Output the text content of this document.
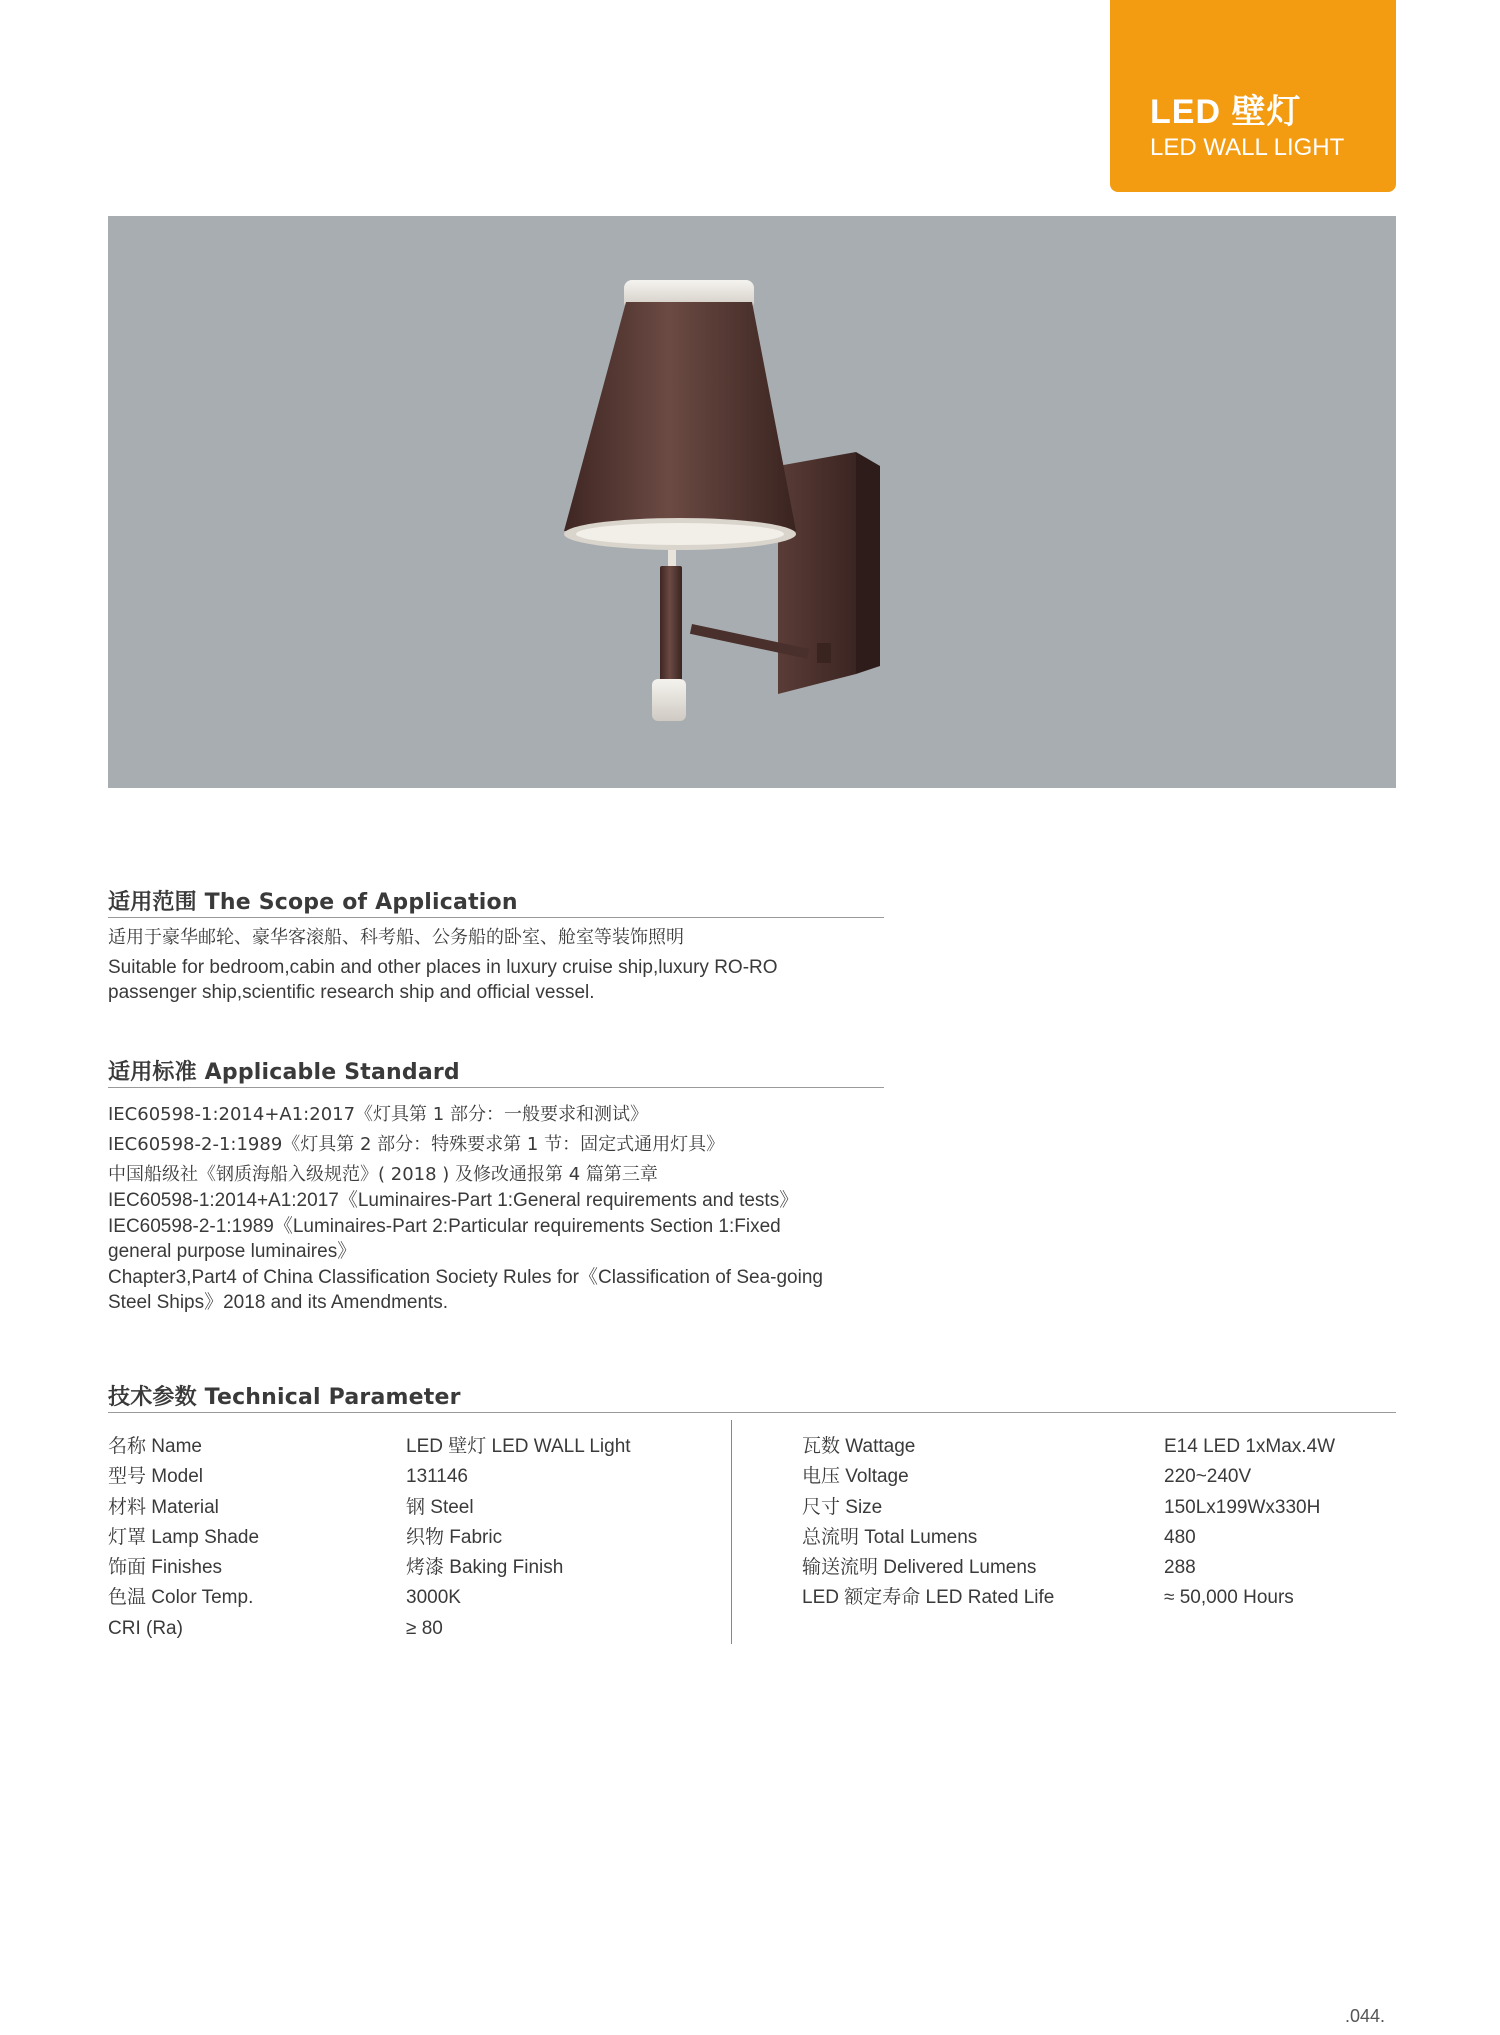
LED 壁灯
LED WALL LIGHT
适用范围 The Scope of Application
适用于豪华邮轮、豪华客滚船、科考船、公务船的卧室、舱室等装饰照明
Suitable for bedroom,cabin and other places in luxury cruise ship,luxury RO-RO
passenger ship,scientific research ship and official vessel.
适用标准 Applicable Standard
IEC60598-1:2014+A1:2017《灯具第 1 部分：一般要求和测试》
IEC60598-2-1:1989《灯具第 2 部分：特殊要求第 1 节：固定式通用灯具》
中国船级社《钢质海船入级规范》( 2018 ) 及修改通报第 4 篇第三章
IEC60598-1:2014+A1:2017《Luminaires-Part 1:General requirements and tests》
IEC60598-2-1:1989《Luminaires-Part 2:Particular requirements Section 1:Fixed
general purpose luminaires》
Chapter3,Part4 of China Classification Society Rules for《Classification of Sea-going
Steel Ships》2018 and its Amendments.
技术参数 Technical Parameter
名称 Name	LED 壁灯 LED WALL Light
型号 Model	131146
材料 Material	钢 Steel
灯罩 Lamp Shade	织物 Fabric
饰面 Finishes	烤漆 Baking Finish
色温 Color Temp.	3000K
CRI (Ra)	≥ 80
瓦数 Wattage	E14 LED 1xMax.4W
电压 Voltage	220~240V
尺寸 Size	150Lx199Wx330H
总流明 Total Lumens	480
输送流明 Delivered Lumens	288
LED 额定寿命 LED Rated Life	≈ 50,000 Hours
.044.
